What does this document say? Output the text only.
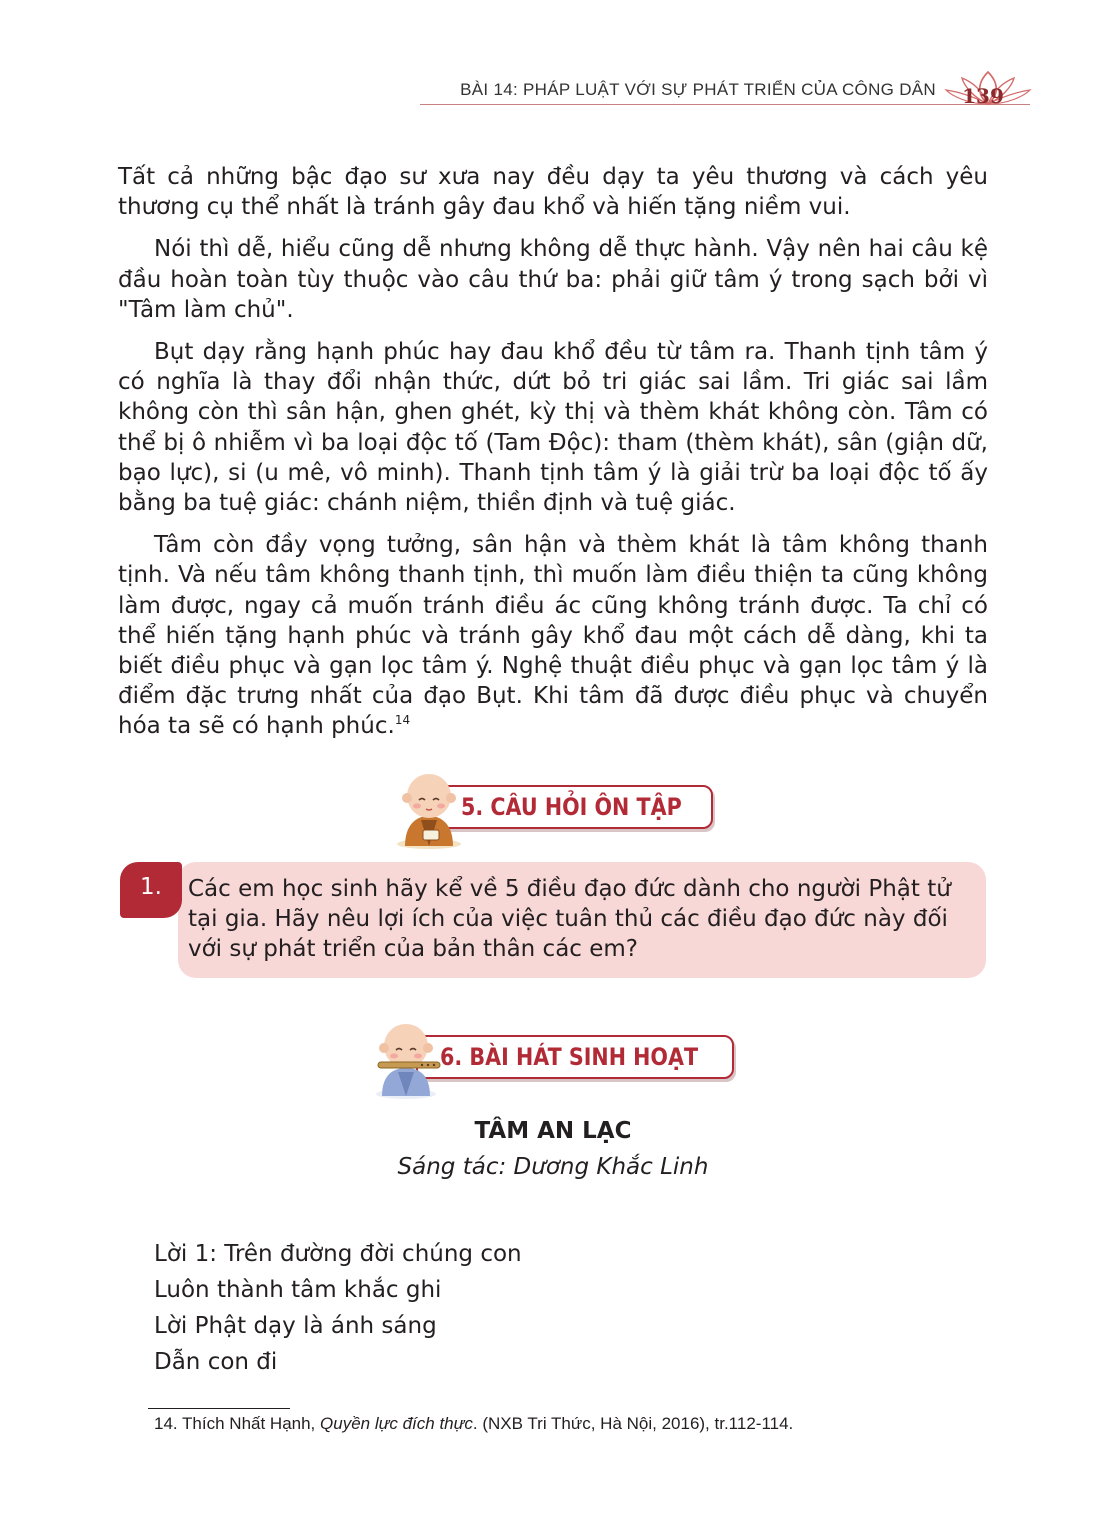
BÀI 14: PHÁP LUẬT VỚI SỰ PHÁT TRIỂN CỦA CÔNG DÂN	139

Tất cả những bậc đạo sư xưa nay đều dạy ta yêu thương và cách yêu thương cụ thể nhất là tránh gây đau khổ và hiến tặng niềm vui.

Nói thì dễ, hiểu cũng dễ nhưng không dễ thực hành. Vậy nên hai câu kệ đầu hoàn toàn tùy thuộc vào câu thứ ba: phải giữ tâm ý trong sạch bởi vì "Tâm làm chủ".

Bụt dạy rằng hạnh phúc hay đau khổ đều từ tâm ra. Thanh tịnh tâm ý có nghĩa là thay đổi nhận thức, dứt bỏ tri giác sai lầm. Tri giác sai lầm không còn thì sân hận, ghen ghét, kỳ thị và thèm khát không còn. Tâm có thể bị ô nhiễm vì ba loại độc tố (Tam Độc): tham (thèm khát), sân (giận dữ, bạo lực), si (u mê, vô minh). Thanh tịnh tâm ý là giải trừ ba loại độc tố ấy bằng ba tuệ giác: chánh niệm, thiền định và tuệ giác.

Tâm còn đầy vọng tưởng, sân hận và thèm khát là tâm không thanh tịnh. Và nếu tâm không thanh tịnh, thì muốn làm điều thiện ta cũng không làm được, ngay cả muốn tránh điều ác cũng không tránh được. Ta chỉ có thể hiến tặng hạnh phúc và tránh gây khổ đau một cách dễ dàng, khi ta biết điều phục và gạn lọc tâm ý. Nghệ thuật điều phục và gạn lọc tâm ý là điểm đặc trưng nhất của đạo Bụt. Khi tâm đã được điều phục và chuyển hóa ta sẽ có hạnh phúc.$^{14}$

5. CÂU HỎI ÔN TẬP
1.	Các em học sinh hãy kể về 5 điều đạo đức dành cho người Phật tử tại gia. Hãy nêu lợi ích của việc tuân thủ các điều đạo đức này đối với sự phát triển của bản thân các em?
6. BÀI HÁT SINH HOẠT
TÂM AN LẠC
Sáng tác: Dương Khắc Linh
Lời 1: Trên đường đời chúng con
Luôn thành tâm khắc ghi
Lời Phật dạy là ánh sáng
Dẫn con đi
14. Thích Nhất Hạnh, Quyền lực đích thực. (NXB Tri Thức, Hà Nội, 2016), tr.112-114.
